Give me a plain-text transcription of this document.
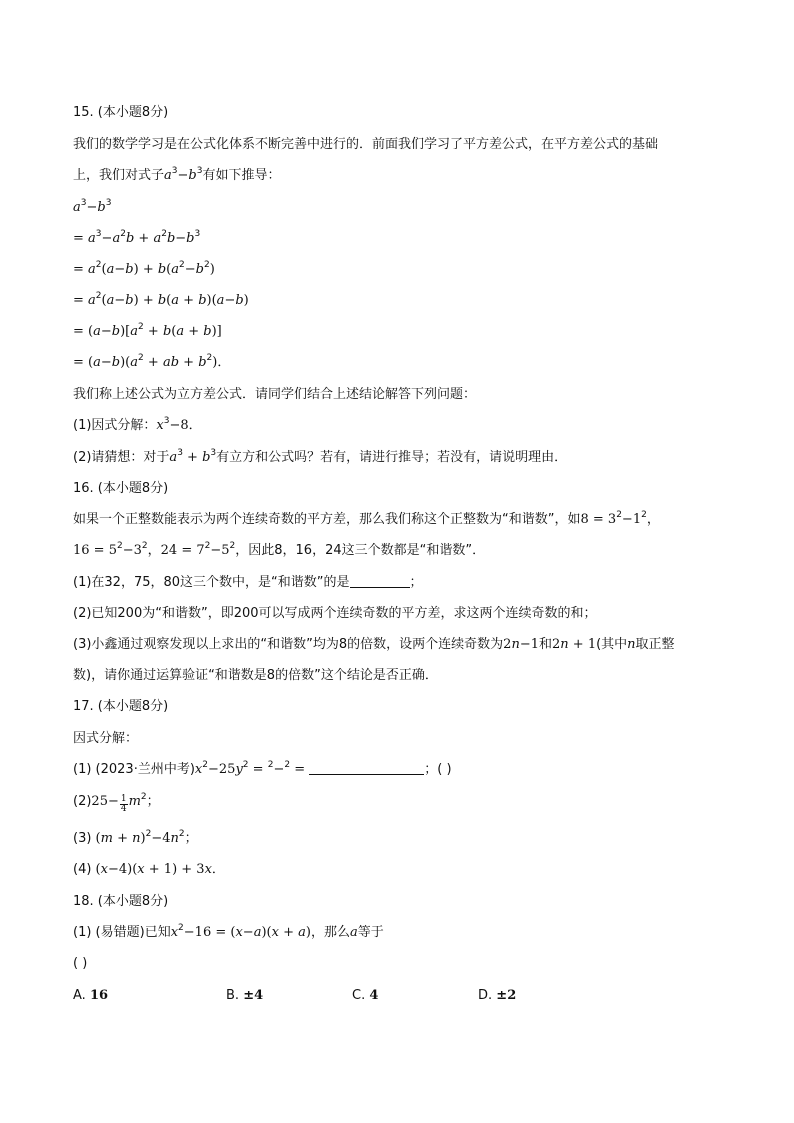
15. (本小题8分)
我们的数学学习是在公式化体系不断完善中进行的．前面我们学习了平方差公式，在平方差公式的基础
上，我们对式子$a^3-b^3$有如下推导：
$a^3-b^3$
= $a^3-a^2b + a^2b-b^3$
= $a^2(a-b) + b(a^2-b^2)$
= $a^2(a-b) + b(a + b)(a-b)$
= $(a-b)[a^2 + b(a + b)]$
= $(a-b)(a^2$ + ab + $b^2$)．
我们称上述公式为立方差公式．请同学们结合上述结论解答下列问题：
(1)因式分解：$x^3-8$．
(2)请猜想：对于$a^3 + b^3$有立方和公式吗？若有，请进行推导；若没有，请说明理由．
16. (本小题8分)
如果一个正整数能表示为两个连续奇数的平方差，那么我们称这个正整数为“和谐数”，如$8 = 3^2-1^2$，
$16 = 5^2-3^2$，$24 = 7^2-5^2$，因此8，16，24这三个数都是“和谐数”．
(1)在32，75，80这三个数中，是“和谐数”的是	；
(2)已知200为“和谐数”，即200可以写成两个连续奇数的平方差，求这两个连续奇数的和；
(3)小鑫通过观察发现以上求出的“和谐数”均为8的倍数，设两个连续奇数为2n−1和2n + 1(其中n取正整
数)，请你通过运算验证“和谐数是8的倍数”这个结论是否正确．
17. (本小题8分)
因式分解：
(1) (2023·兰州中考)$x^2-25y^2 = ^2-^2$ =	；( )
$(2)25- \frac{1}{4} m^2$；
(3) $(m + n)^2-4n^2$；
(4) (x−4)(x + 1) + 3x．
18. (本小题8分)
(1) (易错题)已知$x^2-16 = (x-a)(x + a)$，那么a等于
( )
A. 16	B. ±4	C. 4	D. ±2
